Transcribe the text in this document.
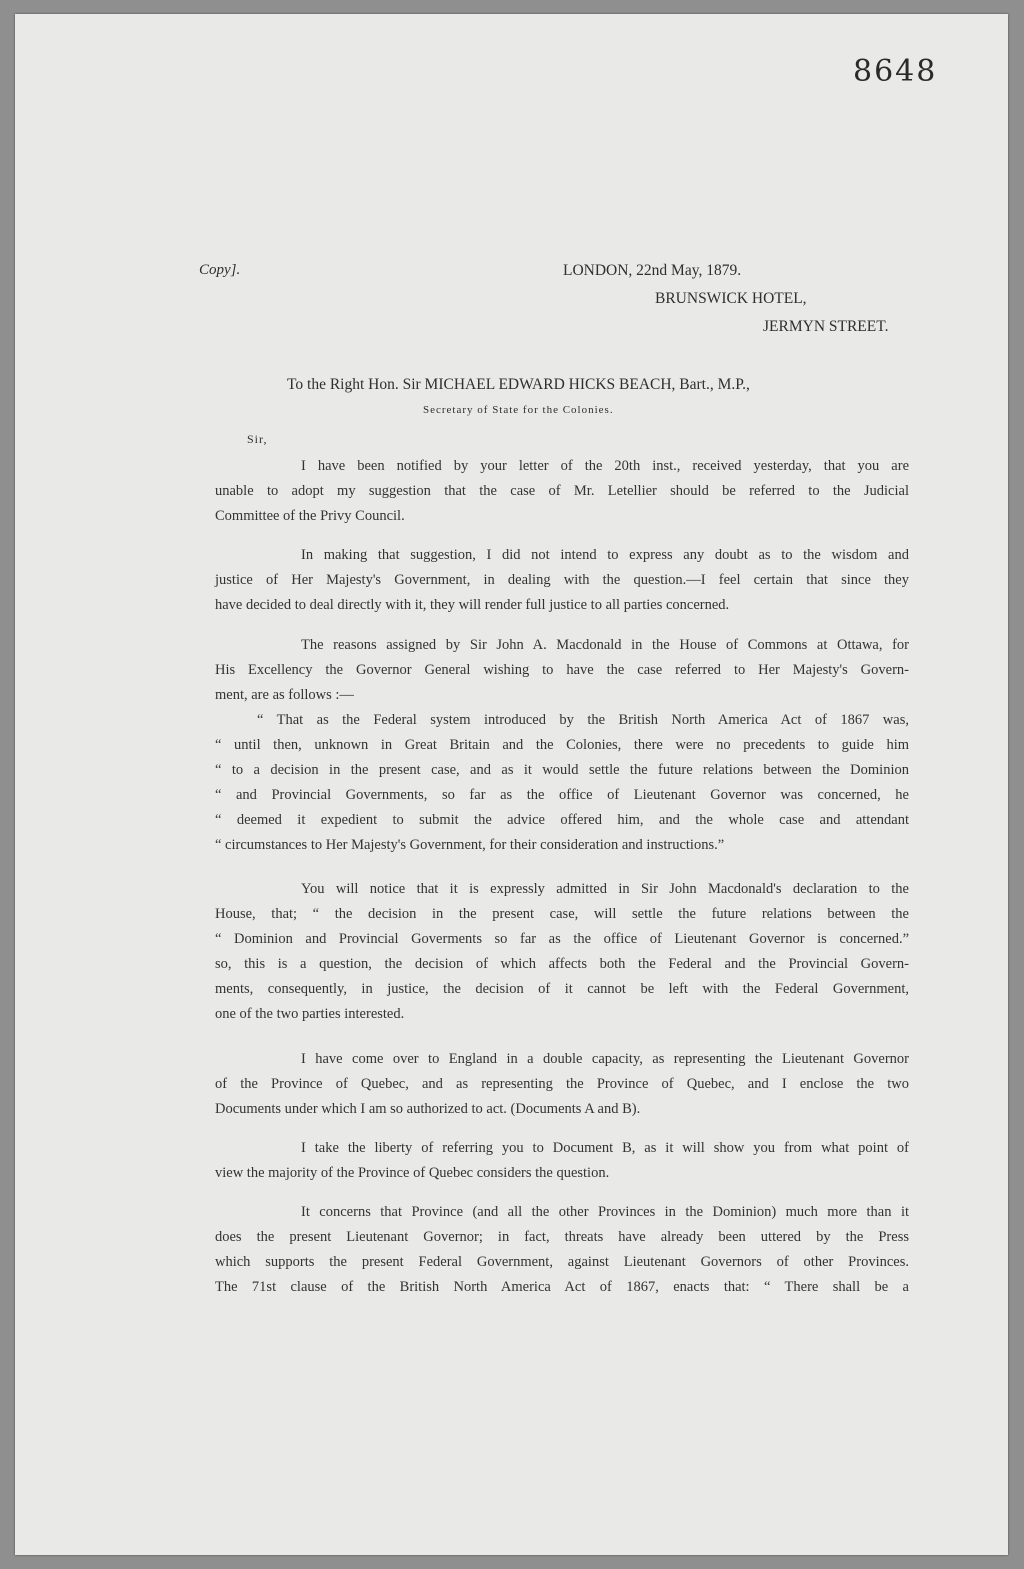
8648
Copy].	LONDON, 22nd May, 1879.
BRUNSWICK HOTEL,
JERMYN STREET.
To the Right Hon. Sir MICHAEL EDWARD HICKS BEACH, Bart., M.P.,
Secretary of State for the Colonies.
Sir,
I have been notified by your letter of the 20th inst., received yesterday, that you are
unable to adopt my suggestion that the case of Mr. Letellier should be referred to the Judicial
Committee of the Privy Council.
In making that suggestion, I did not intend to express any doubt as to the wisdom and
justice of Her Majesty's Government, in dealing with the question.—I feel certain that since they
have decided to deal directly with it, they will render full justice to all parties concerned.
The reasons assigned by Sir John A. Macdonald in the House of Commons at Ottawa, for
His Excellency the Governor General wishing to have the case referred to Her Majesty's Govern-
ment, are as follows :—
“ That as the Federal system introduced by the British North America Act of 1867 was,
“ until then, unknown in Great Britain and the Colonies, there were no precedents to guide him
“ to a decision in the present case, and as it would settle the future relations between the Dominion
“ and Provincial Governments, so far as the office of Lieutenant Governor was concerned, he
“ deemed it expedient to submit the advice offered him, and the whole case and attendant
“ circumstances to Her Majesty's Government, for their consideration and instructions.”
You will notice that it is expressly admitted in Sir John Macdonald's declaration to the
House, that; “ the decision in the present case, will settle the future relations between the
“ Dominion and Provincial Goverments so far as the office of Lieutenant Governor is concerned.”
so, this is a question, the decision of which affects both the Federal and the Provincial Govern-
ments, consequently, in justice, the decision of it cannot be left with the Federal Government,
one of the two parties interested.
I have come over to England in a double capacity, as representing the Lieutenant Governor
of the Province of Quebec, and as representing the Province of Quebec, and I enclose the two
Documents under which I am so authorized to act. (Documents A and B).
I take the liberty of referring you to Document B, as it will show you from what point of
view the majority of the Province of Quebec considers the question.
It concerns that Province (and all the other Provinces in the Dominion) much more than it
does the present Lieutenant Governor; in fact, threats have already been uttered by the Press
which supports the present Federal Government, against Lieutenant Governors of other Provinces.
The 71st clause of the British North America Act of 1867, enacts that: “ There shall be a
